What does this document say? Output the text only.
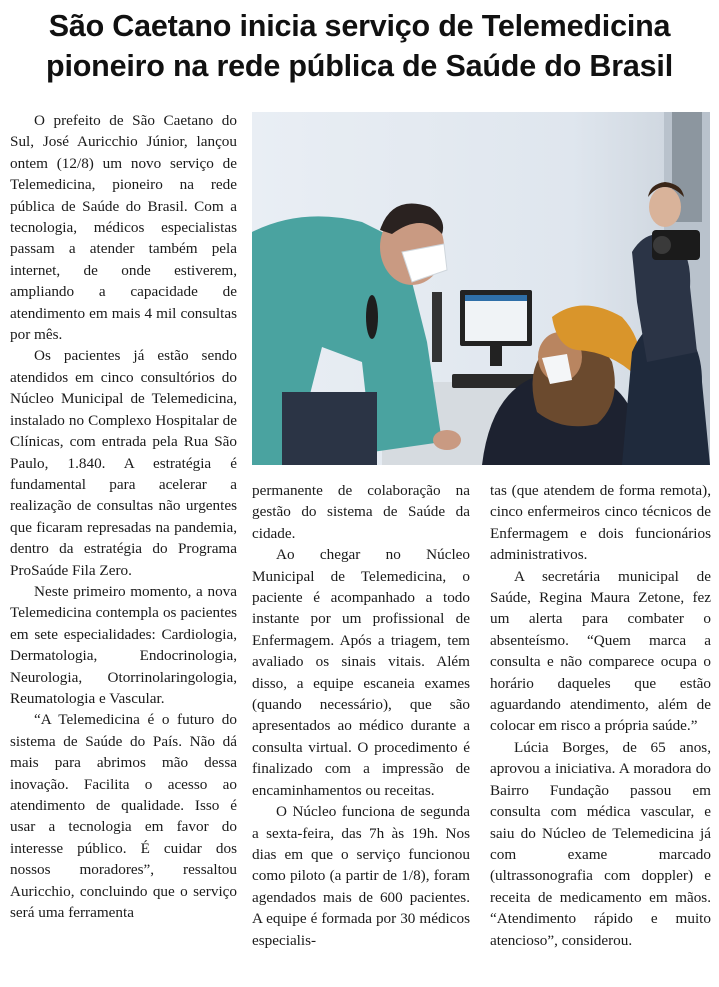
São Caetano inicia serviço de Telemedicina
pioneiro na rede pública de Saúde do Brasil

O prefeito de São Caetano do Sul, José Auricchio Júnior, lançou ontem (12/8) um novo serviço de Telemedicina, pioneiro na rede pública de Saúde do Brasil. Com a tecnologia, médicos especialistas passam a atender também pela internet, de onde estiverem, ampliando a capacidade de atendimento em mais 4 mil consultas por mês.

Os pacientes já estão sendo atendidos em cinco consultórios do Núcleo Municipal de Telemedicina, instalado no Complexo Hospitalar de Clínicas, com entrada pela Rua São Paulo, 1.840. A estratégia é fundamental para acelerar a realização de consultas não urgentes que ficaram represadas na pandemia, dentro da estratégia do Programa ProSaúde Fila Zero.

Neste primeiro momento, a nova Telemedicina contempla os pacientes em sete especialidades: Cardiologia, Dermatologia, Endocrinologia, Neurologia, Otorrinolaringologia, Reumatologia e Vascular.

“A Telemedicina é o futuro do sistema de Saúde do País. Não dá mais para abrimos mão dessa inovação. Facilita o acesso ao atendimento de qualidade. Isso é usar a tecnologia em favor do interesse público. É cuidar dos nossos moradores”, ressaltou Auricchio, concluindo que o serviço será uma ferramenta

permanente de colaboração na gestão do sistema de Saúde da cidade.

Ao chegar no Núcleo Municipal de Telemedicina, o paciente é acompanhado a todo instante por um profissional de Enfermagem. Após a triagem, tem avaliado os sinais vitais. Além disso, a equipe escaneia exames (quando necessário), que são apresentados ao médico durante a consulta virtual. O procedimento é finalizado com a impressão de encaminhamentos ou receitas.

O Núcleo funciona de segunda a sexta-feira, das 7h às 19h. Nos dias em que o serviço funcionou como piloto (a partir de 1/8), foram agendados mais de 600 pacientes. A equipe é formada por 30 médicos especialis-

tas (que atendem de forma remota), cinco enfermeiros cinco técnicos de Enfermagem e dois funcionários administrativos.

A secretária municipal de Saúde, Regina Maura Zetone, fez um alerta para combater o absenteísmo. “Quem marca a consulta e não comparece ocupa o horário daqueles que estão aguardando atendimento, além de colocar em risco a própria saúde.”

Lúcia Borges, de 65 anos, aprovou a iniciativa. A moradora do Bairro Fundação passou em consulta com médica vascular, e saiu do Núcleo de Telemedicina já com exame marcado (ultrassonografia com doppler) e receita de medicamento em mãos. “Atendimento rápido e muito atencioso”, considerou.
